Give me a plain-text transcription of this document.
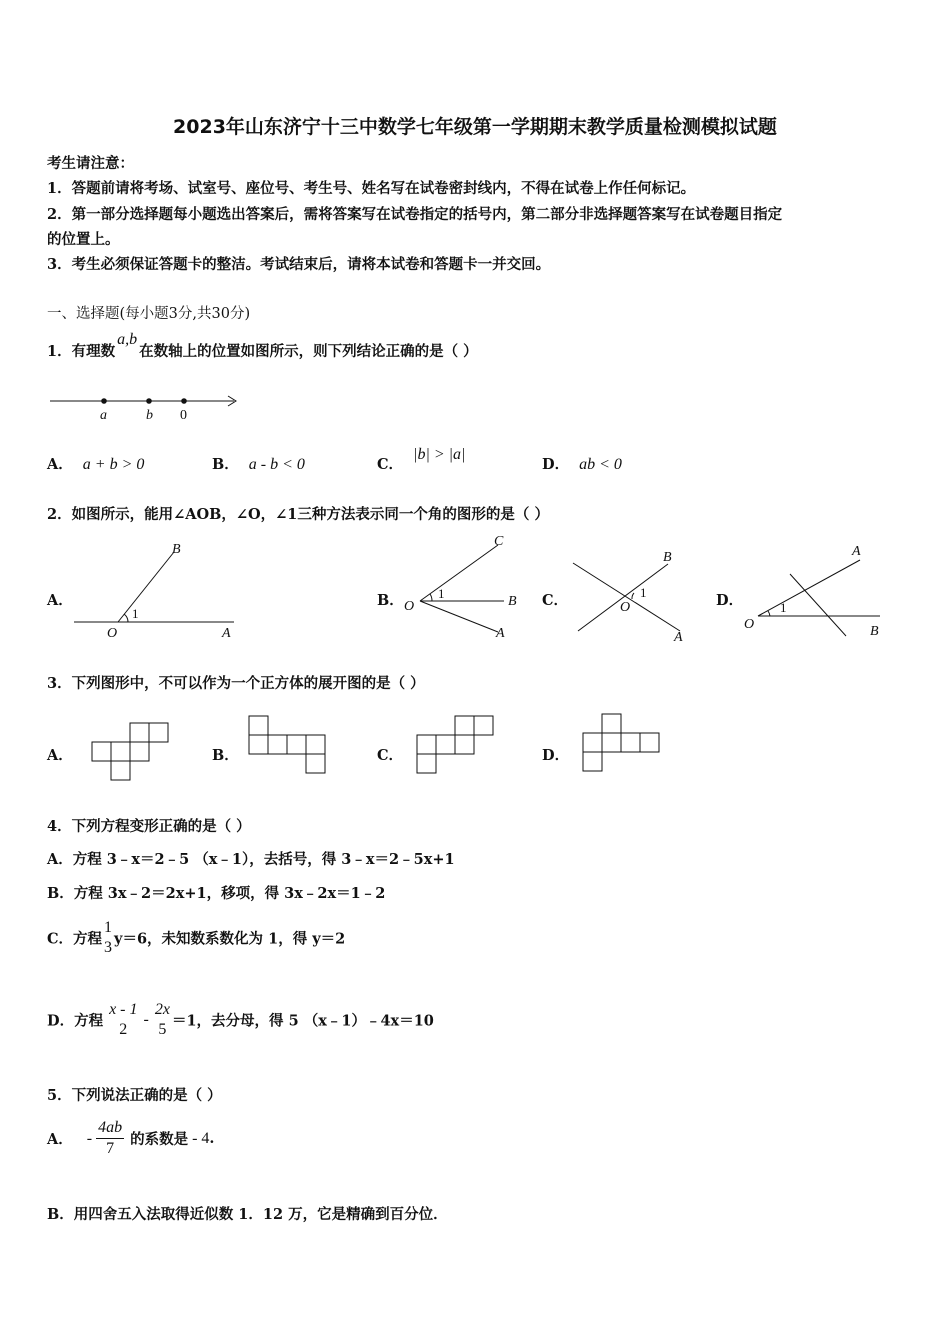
2023年山东济宁十三中数学七年级第一学期期末教学质量检测模拟试题
考生请注意：
1．答题前请将考场、试室号、座位号、考生号、姓名写在试卷密封线内，不得在试卷上作任何标记。
2．第一部分选择题每小题选出答案后，需将答案写在试卷指定的括号内，第二部分非选择题答案写在试卷题目指定
的位置上。
3．考生必须保证答题卡的整洁。考试结束后，请将本试卷和答题卡一并交回。
一、选择题(每小题3分,共30分)
1．有理数a,b在数轴上的位置如图所示，则下列结论正确的是（ ）
a	b 0
A． a + b > 0	B． a - b < 0	C．|b| > |a|
D． ab < 0
2．如图所示，能用∠AOB，∠O，∠1三种方法表示同一个角的图形的是（ ）
A．
B
O	A
1
B．
C
O	B
A
1	C．
B
O
A
1	D．
A
O	B
1
3．下列图形中，不可以作为一个正方体的展开图的是（ ）
A．	B．	C．	D．
4．下列方程变形正确的是（ ）
A．方程 3﹣x＝2﹣5 （x﹣1），去括号，得 3﹣x＝2﹣5x+1
B．方程 3x﹣2＝2x+1，移项，得 3x﹣2x＝1﹣2
C．方程
1
3 y＝6，未知数系数化为 1，得 y＝2
D．方程
x - 1
2
-
2x
5 ＝1，去分母，得 5 （x﹣1）﹣4x＝10
5．下列说法正确的是（ ）
A． - $\frac{4ab}{7}$ 的系数是 - 4.
B．用四舍五入法取得近似数 1．12 万，它是精确到百分位．
